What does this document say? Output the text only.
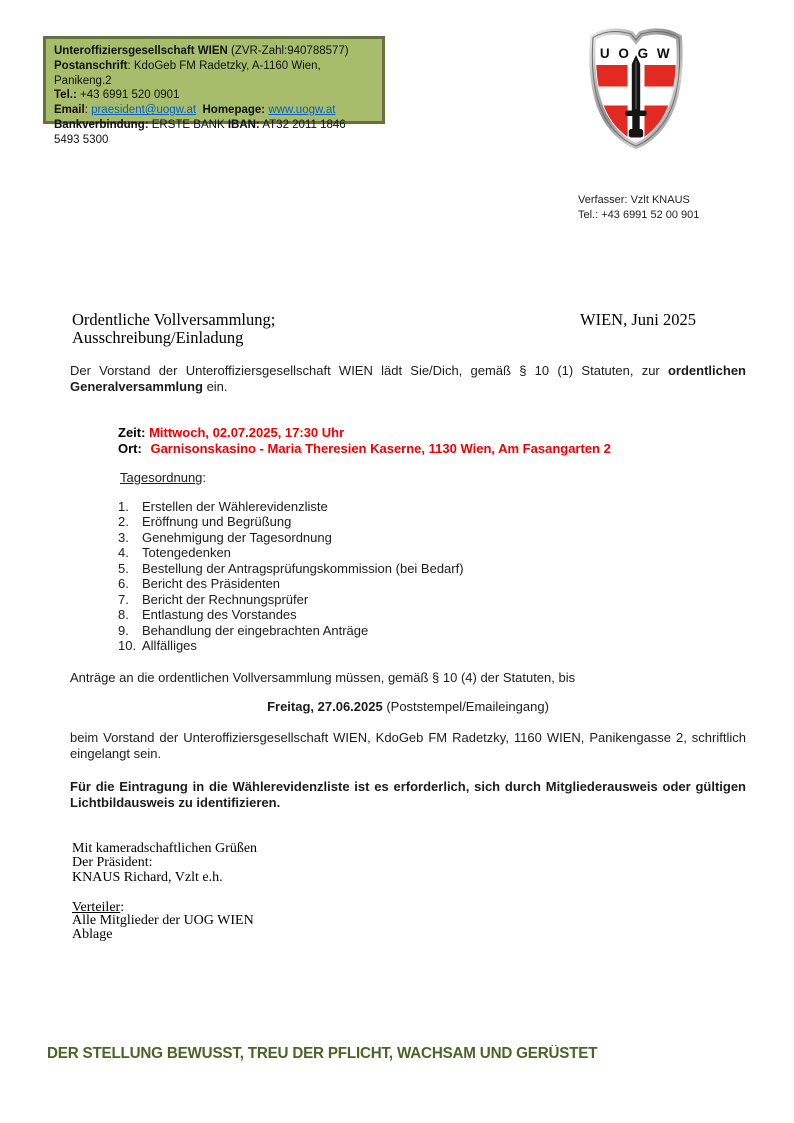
Unteroffiziersgesellschaft WIEN (ZVR-Zahl:940788577)
Postanschrift: KdoGeb FM Radetzky, A-1160 Wien, Panikeng.2
Tel.: +43 6991 520 0901
Email: praesident@uogw.at Homepage: www.uogw.at
Bankverbindung: ERSTE BANK IBAN: AT32 2011 1846 5493 5300
U O G W
Verfasser: Vzlt KNAUS
Tel.: +43 6991 52 00 901
Ordentliche Vollversammlung;
Ausschreibung/Einladung
WIEN, Juni 2025

Der Vorstand der Unteroffiziersgesellschaft WIEN lädt Sie/Dich, gemäß § 10 (1) Statuten, zur ordentlichen Generalversammlung ein.

Zeit: Mittwoch, 02.07.2025, 17:30 Uhr
Ort: Garnisonskasino - Maria Theresien Kaserne, 1130 Wien, Am Fasangarten 2
Tagesordnung:
1. Erstellen der Wählerevidenzliste
2. Eröffnung und Begrüßung
3. Genehmigung der Tagesordnung
4. Totengedenken
5. Bestellung der Antragsprüfungskommission (bei Bedarf)
6. Bericht des Präsidenten
7. Bericht der Rechnungsprüfer
8. Entlastung des Vorstandes
9. Behandlung der eingebrachten Anträge
10. Allfälliges

Anträge an die ordentlichen Vollversammlung müssen, gemäß § 10 (4) der Statuten, bis

Freitag, 27.06.2025 (Poststempel/Emaileingang)

beim Vorstand der Unteroffiziersgesellschaft WIEN, KdoGeb FM Radetzky, 1160 WIEN, Panikengasse 2, schriftlich eingelangt sein.

Für die Eintragung in die Wählerevidenzliste ist es erforderlich, sich durch Mitgliederausweis oder gültigen Lichtbildausweis zu identifizieren.

Mit kameradschaftlichen Grüßen
Der Präsident:
KNAUS Richard, Vzlt e.h.
Verteiler:
Alle Mitglieder der UOG WIEN
Ablage
DER STELLUNG BEWUSST, TREU DER PFLICHT, WACHSAM UND GERÜSTET
